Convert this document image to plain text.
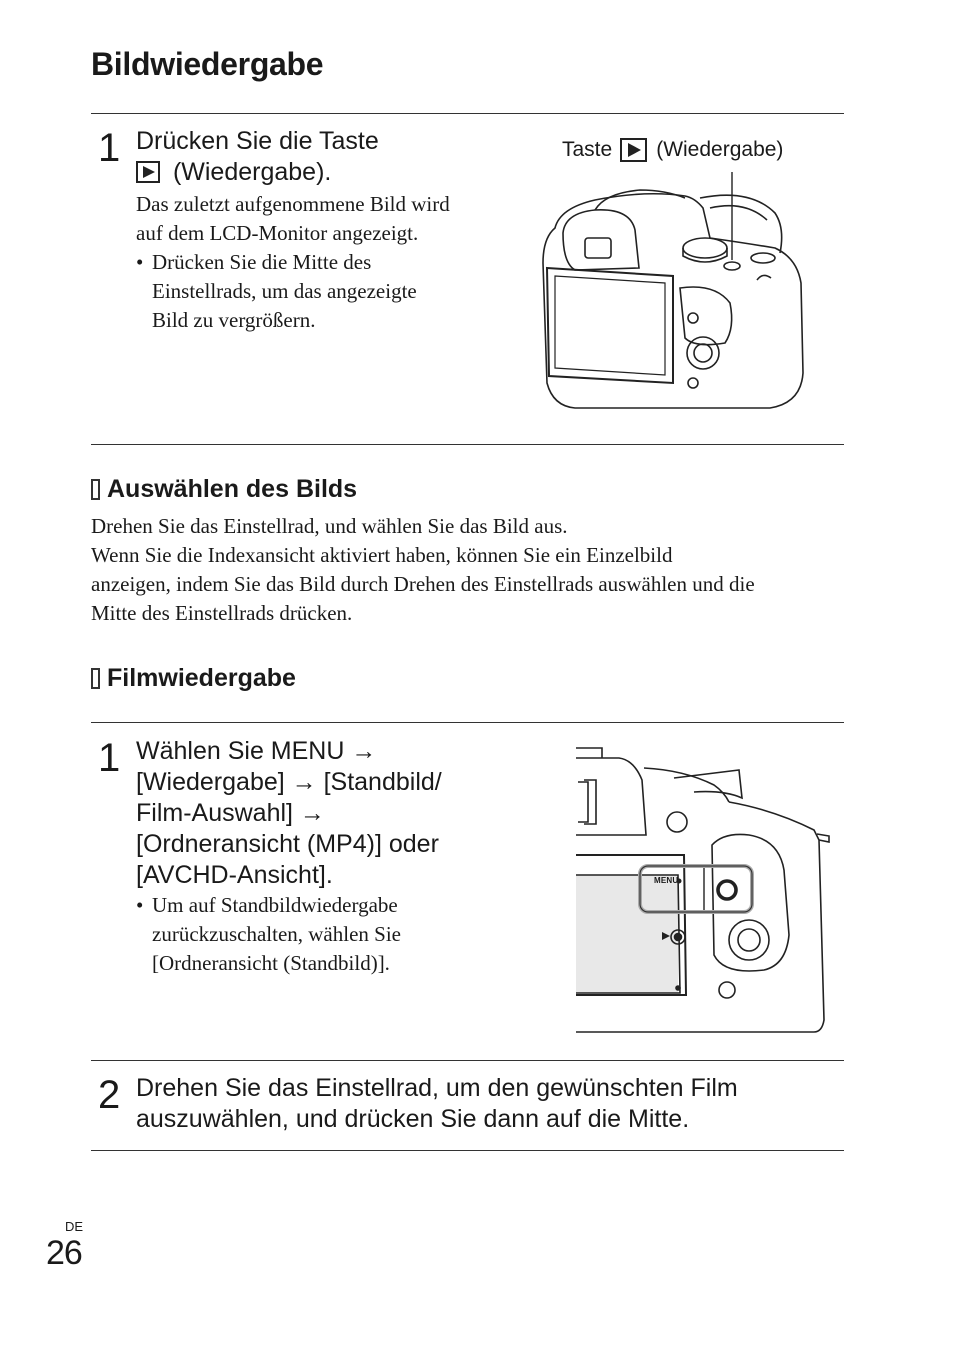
Bildwiedergabe
1 Drücken Sie die Taste
(Wiedergabe).
Das zuletzt aufgenommene Bild wird
auf dem LCD-Monitor angezeigt.
• Drücken Sie die Mitte des
Einstellrads, um das angezeigte
Bild zu vergrößern.
Taste (Wiedergabe)
Auswählen des Bilds
Drehen Sie das Einstellrad, und wählen Sie das Bild aus.
Wenn Sie die Indexansicht aktiviert haben, können Sie ein Einzelbild
anzeigen, indem Sie das Bild durch Drehen des Einstellrads auswählen und die
Mitte des Einstellrads drücken.
Filmwiedergabe
1 Wählen Sie MENU →
[Wiedergabe] → [Standbild/
Film-Auswahl] →
[Ordneransicht (MP4)] oder
[AVCHD-Ansicht].
• Um auf Standbildwiedergabe
zurückzuschalten, wählen Sie
[Ordneransicht (Standbild)].
MENU
2 Drehen Sie das Einstellrad, um den gewünschten Film
auszuwählen, und drücken Sie dann auf die Mitte.
DE
26
